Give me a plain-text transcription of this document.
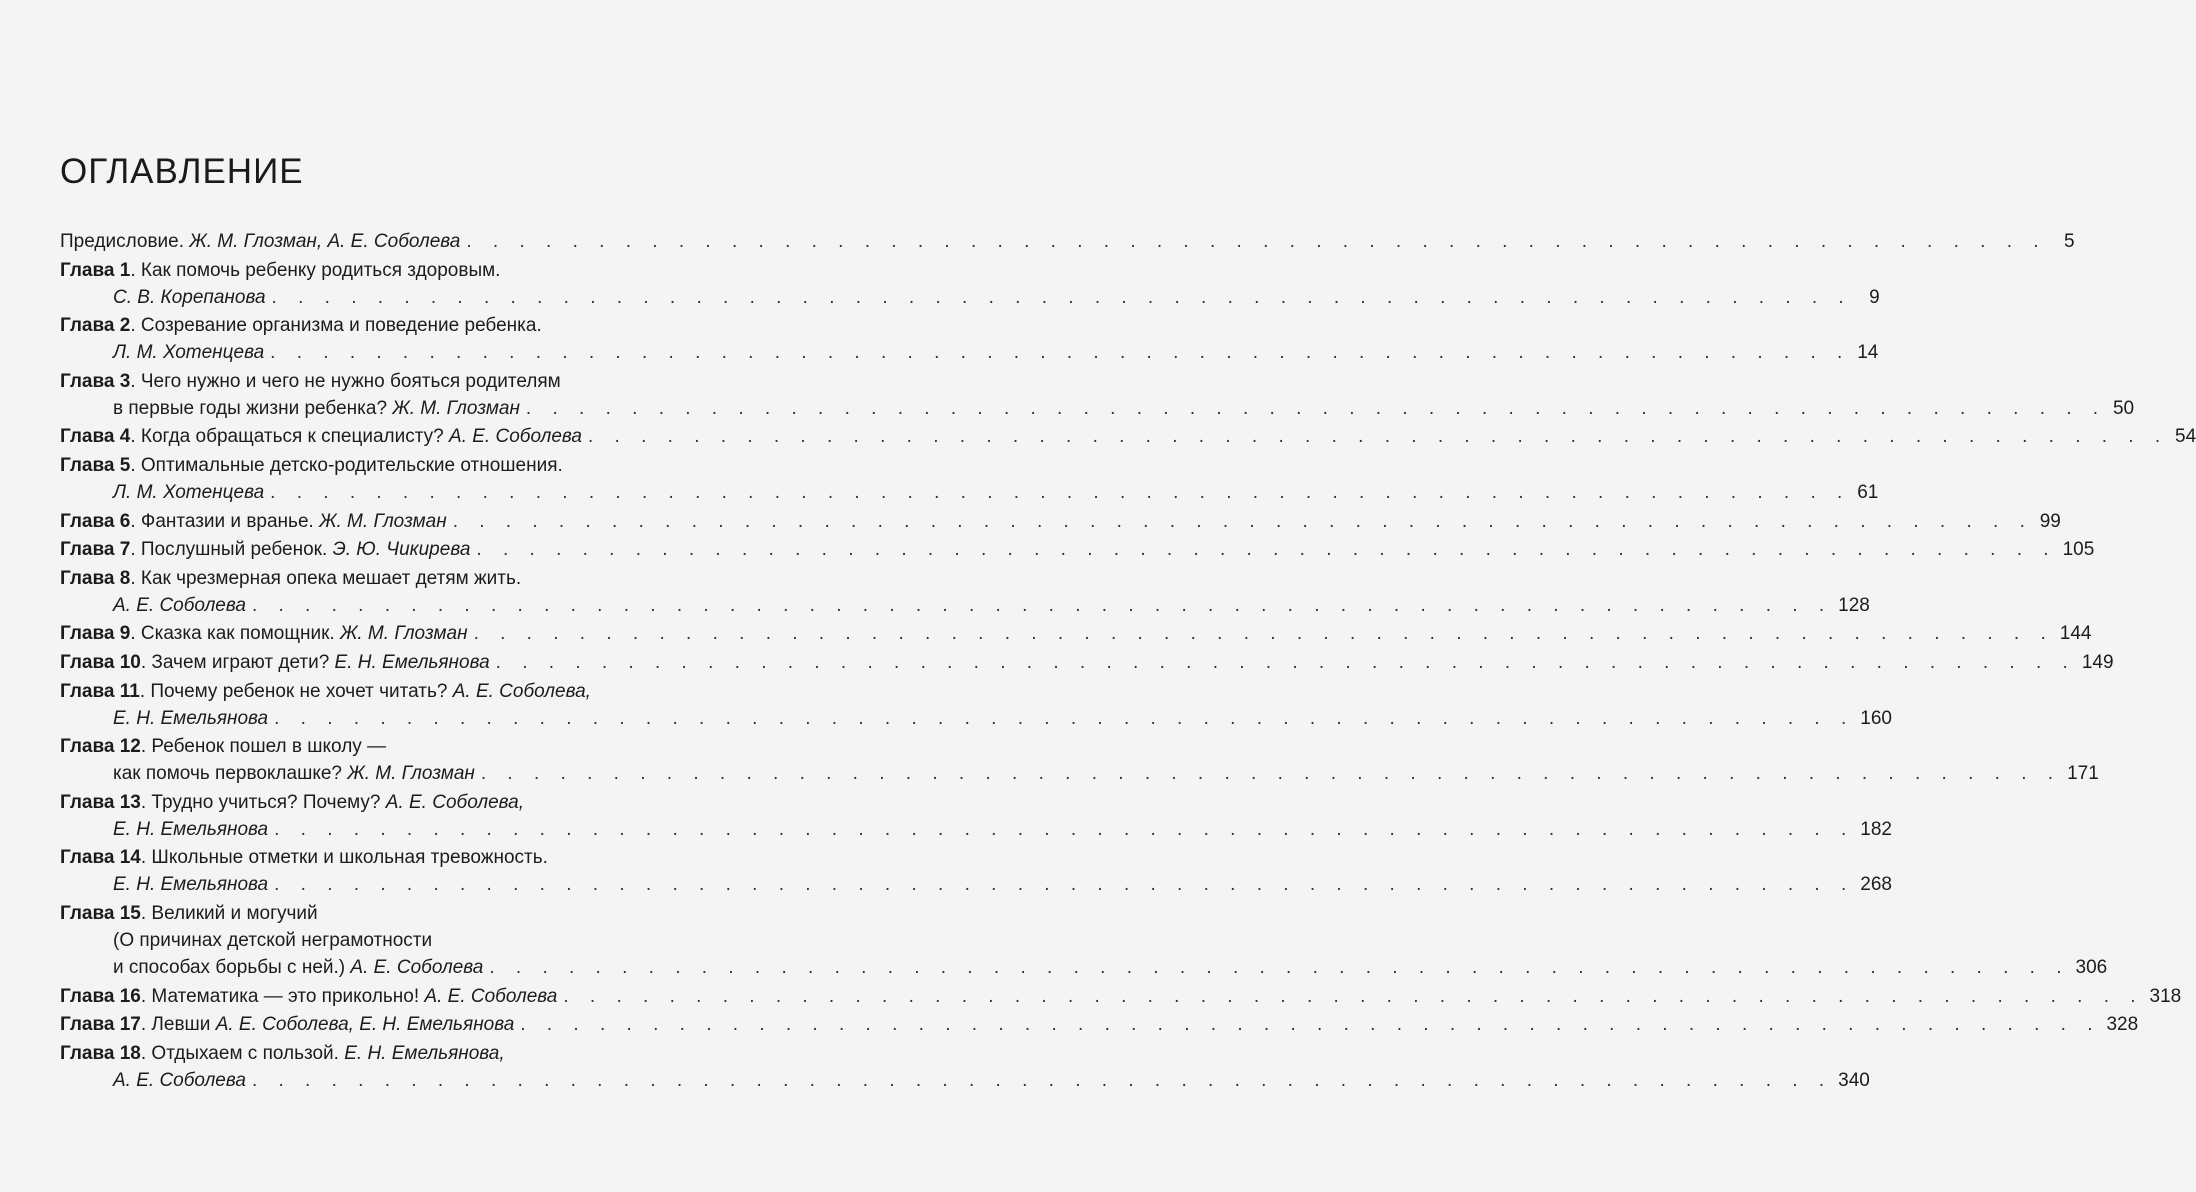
ОГЛАВЛЕНИЕ
Предисловие. Ж. М. Глозман, А. Е. Соболева . . . . . . . . . . . . . . . . . . . . . . . . . . . . . . . . . . . . . . . . . . . . . . . . . . . . . . . . . . . . 5
Глава 1. Как помочь ребенку родиться здоровым.
С. В. Корепанова . . . . . . . . . . . . . . . . . . . . . . . . . . . . . . . . . . . . . . . . . . . . . . . . . . . . . . . . . . . . 9
Глава 2. Созревание организма и поведение ребенка.
Л. М. Хотенцева . . . . . . . . . . . . . . . . . . . . . . . . . . . . . . . . . . . . . . . . . . . . . . . . . . . . . . . . . . . . 14
Глава 3. Чего нужно и чего не нужно бояться родителям
в первые годы жизни ребенка? Ж. М. Глозман . . . . . . . . . . . . . . . . . . . . . . . . . . . . . . . . . . . . . . . . . . . . . . . . . . . . . . . . . . . . 50
Глава 4. Когда обращаться к специалисту? А. Е. Соболева . . . . . . . . . . . . . . . . . . . . . . . . . . . . . . . . . . . . . . . . . . . . . . . . . . . . . . . . . . . . 54
Глава 5. Оптимальные детско-родительские отношения.
Л. М. Хотенцева . . . . . . . . . . . . . . . . . . . . . . . . . . . . . . . . . . . . . . . . . . . . . . . . . . . . . . . . . . . . 61
Глава 6. Фантазии и вранье. Ж. М. Глозман . . . . . . . . . . . . . . . . . . . . . . . . . . . . . . . . . . . . . . . . . . . . . . . . . . . . . . . . . . . . 99
Глава 7. Послушный ребенок. Э. Ю. Чикирева . . . . . . . . . . . . . . . . . . . . . . . . . . . . . . . . . . . . . . . . . . . . . . . . . . . . . . . . . . . . 105
Глава 8. Как чрезмерная опека мешает детям жить.
А. Е. Соболева . . . . . . . . . . . . . . . . . . . . . . . . . . . . . . . . . . . . . . . . . . . . . . . . . . . . . . . . . . . . 128
Глава 9. Сказка как помощник. Ж. М. Глозман . . . . . . . . . . . . . . . . . . . . . . . . . . . . . . . . . . . . . . . . . . . . . . . . . . . . . . . . . . . . 144
Глава 10. Зачем играют дети? Е. Н. Емельянова . . . . . . . . . . . . . . . . . . . . . . . . . . . . . . . . . . . . . . . . . . . . . . . . . . . . . . . . . . . . 149
Глава 11. Почему ребенок не хочет читать? А. Е. Соболева,
Е. Н. Емельянова . . . . . . . . . . . . . . . . . . . . . . . . . . . . . . . . . . . . . . . . . . . . . . . . . . . . . . . . . . . . 160
Глава 12. Ребенок пошел в школу —
как помочь первоклашке? Ж. М. Глозман . . . . . . . . . . . . . . . . . . . . . . . . . . . . . . . . . . . . . . . . . . . . . . . . . . . . . . . . . . . . 171
Глава 13. Трудно учиться? Почему? А. Е. Соболева,
Е. Н. Емельянова . . . . . . . . . . . . . . . . . . . . . . . . . . . . . . . . . . . . . . . . . . . . . . . . . . . . . . . . . . . . 182
Глава 14. Школьные отметки и школьная тревожность.
Е. Н. Емельянова . . . . . . . . . . . . . . . . . . . . . . . . . . . . . . . . . . . . . . . . . . . . . . . . . . . . . . . . . . . . 268
Глава 15. Великий и могучий
(О причинах детской неграмотности
и способах борьбы с ней.) А. Е. Соболева . . . . . . . . . . . . . . . . . . . . . . . . . . . . . . . . . . . . . . . . . . . . . . . . . . . . . . . . . . . . 306
Глава 16. Математика — это прикольно! А. Е. Соболева . . . . . . . . . . . . . . . . . . . . . . . . . . . . . . . . . . . . . . . . . . . . . . . . . . . . . . . . . . . . 318
Глава 17. Левши А. Е. Соболева, Е. Н. Емельянова . . . . . . . . . . . . . . . . . . . . . . . . . . . . . . . . . . . . . . . . . . . . . . . . . . . . . . . . . . . . 328
Глава 18. Отдыхаем с пользой. Е. Н. Емельянова,
А. Е. Соболева . . . . . . . . . . . . . . . . . . . . . . . . . . . . . . . . . . . . . . . . . . . . . . . . . . . . . . . . . . . . 340
